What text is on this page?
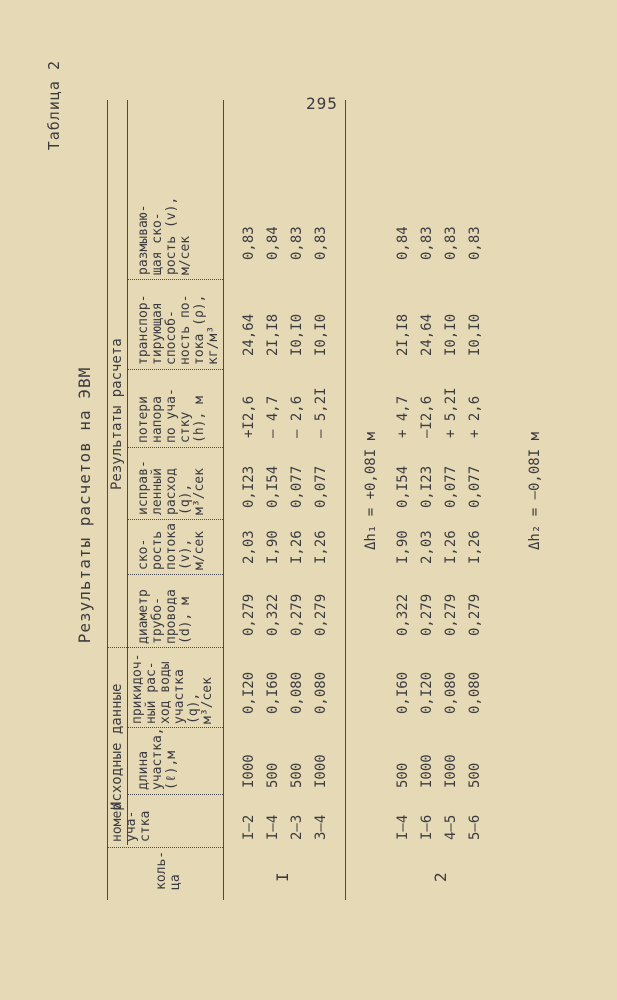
295
Таблица 2
Результаты расчетов на ЭВМ
Исходные данные
Результаты расчета
коль-
ца
номер
уча-
стка
длина
участка,
(ℓ),м
прикидоч-
ный рас-
ход воды
участка
(q),
м³/сек
диаметр
трубо-
провода
(d), м
ско-
рость
потока
(v),
м/сек
исправ-
ленный
расход
(q),
м³/сек
потери
напора
по уча-
стку
(h), м
транспор-
тирующая
способ-
ность по-
тока (ρ),
кг/м³
размываю-
щая ско-
рость (v),
м/сек
I	2
I–2
I000
0,I20
0,279
2,03
0,I23
+I2,6
24,64
0,83
I–4
500
0,I60
0,322
I,90
0,I54
– 4,7
2I,I8
0,84
2–3
500
0,080
0,279
I,26
0,077
– 2,6
I0,I0
0,83
3–4
I000
0,080
0,279
I,26
0,077
– 5,2I
I0,I0
0,83
Δh₁ = +0,08I м
I–4
500
0,I60
0,322
I,90
0,I54
+ 4,7
2I,I8
0,84
I–6
I000
0,I20
0,279
2,03
0,I23
–I2,6
24,64
0,83
4–5
I000
0,080
0,279
I,26
0,077
+ 5,2I
I0,I0
0,83
5–6
500
0,080
0,279
I,26
0,077
+ 2,6
I0,I0
0,83
Δh₂ = –0,08I м
